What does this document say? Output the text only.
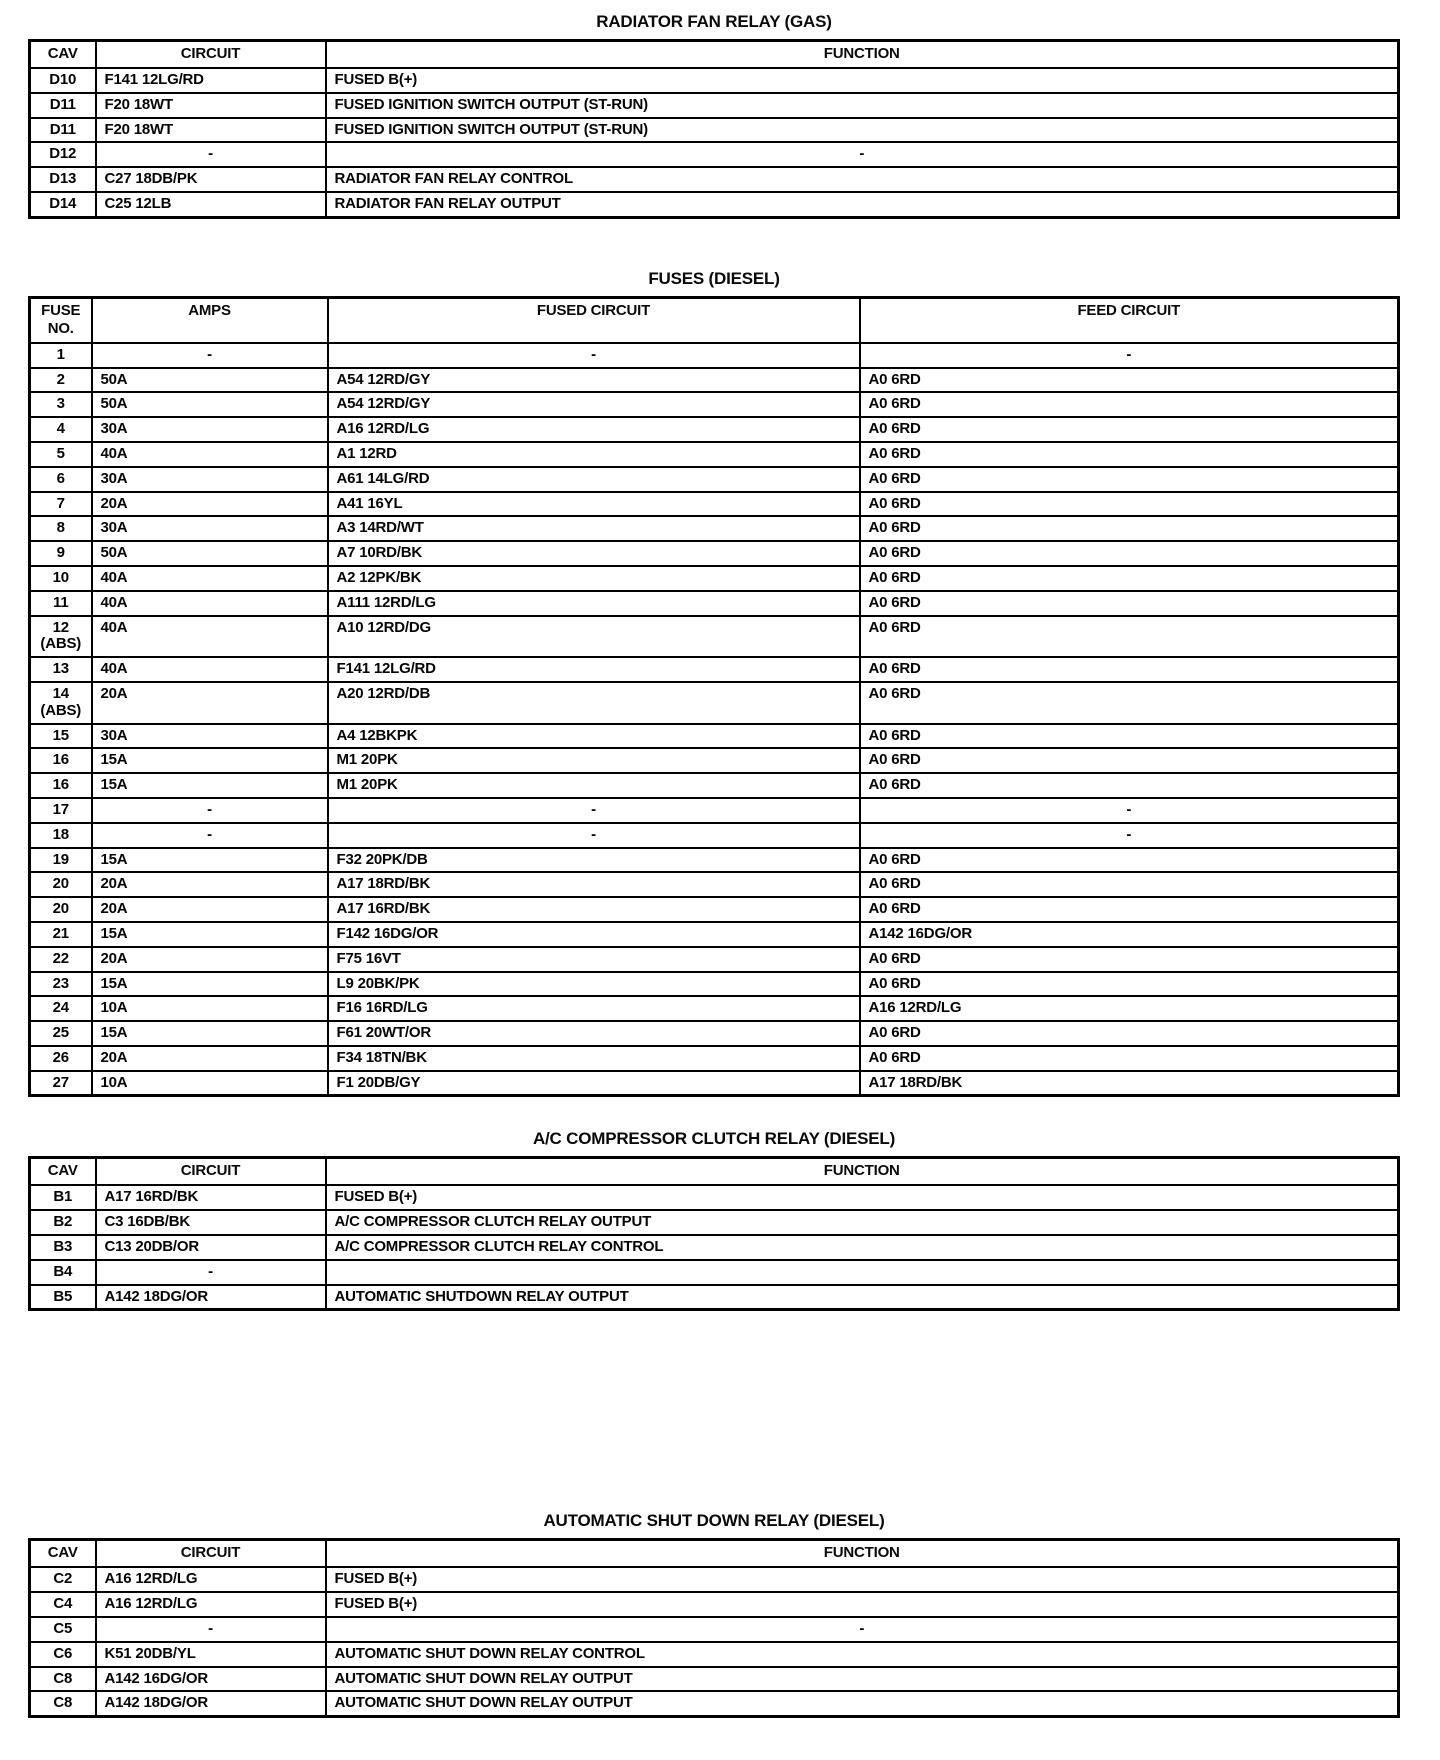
RADIATOR FAN RELAY (GAS)
CAV	CIRCUIT	FUNCTION
D10	F141 12LG/RD	FUSED B(+)
D11	F20 18WT	FUSED IGNITION SWITCH OUTPUT (ST-RUN)
D11	F20 18WT	FUSED IGNITION SWITCH OUTPUT (ST-RUN)
D12	-	-
D13	C27 18DB/PK	RADIATOR FAN RELAY CONTROL
D14	C25 12LB	RADIATOR FAN RELAY OUTPUT
FUSES (DIESEL)
FUSE NO.	AMPS	FUSED CIRCUIT	FEED CIRCUIT
1	-	-	-
2	50A	A54 12RD/GY	A0 6RD
3	50A	A54 12RD/GY	A0 6RD
4	30A	A16 12RD/LG	A0 6RD
5	40A	A1 12RD	A0 6RD
6	30A	A61 14LG/RD	A0 6RD
7	20A	A41 16YL	A0 6RD
8	30A	A3 14RD/WT	A0 6RD
9	50A	A7 10RD/BK	A0 6RD
10	40A	A2 12PK/BK	A0 6RD
11	40A	A111 12RD/LG	A0 6RD
12 (ABS)	40A	A10 12RD/DG	A0 6RD
13	40A	F141 12LG/RD	A0 6RD
14 (ABS)	20A	A20 12RD/DB	A0 6RD
15	30A	A4 12BKPK	A0 6RD
16	15A	M1 20PK	A0 6RD
16	15A	M1 20PK	A0 6RD
17	-	-	-
18	-	-	-
19	15A	F32 20PK/DB	A0 6RD
20	20A	A17 18RD/BK	A0 6RD
20	20A	A17 16RD/BK	A0 6RD
21	15A	F142 16DG/OR	A142 16DG/OR
22	20A	F75 16VT	A0 6RD
23	15A	L9 20BK/PK	A0 6RD
24	10A	F16 16RD/LG	A16 12RD/LG
25	15A	F61 20WT/OR	A0 6RD
26	20A	F34 18TN/BK	A0 6RD
27	10A	F1 20DB/GY	A17 18RD/BK
A/C COMPRESSOR CLUTCH RELAY (DIESEL)
CAV	CIRCUIT	FUNCTION
B1	A17 16RD/BK	FUSED B(+)
B2	C3 16DB/BK	A/C COMPRESSOR CLUTCH RELAY OUTPUT
B3	C13 20DB/OR	A/C COMPRESSOR CLUTCH RELAY CONTROL
B4	-	
B5	A142 18DG/OR	AUTOMATIC SHUTDOWN RELAY OUTPUT
AUTOMATIC SHUT DOWN RELAY (DIESEL)
CAV	CIRCUIT	FUNCTION
C2	A16 12RD/LG	FUSED B(+)
C4	A16 12RD/LG	FUSED B(+)
C5	-	-
C6	K51 20DB/YL	AUTOMATIC SHUT DOWN RELAY CONTROL
C8	A142 16DG/OR	AUTOMATIC SHUT DOWN RELAY OUTPUT
C8	A142 18DG/OR	AUTOMATIC SHUT DOWN RELAY OUTPUT
